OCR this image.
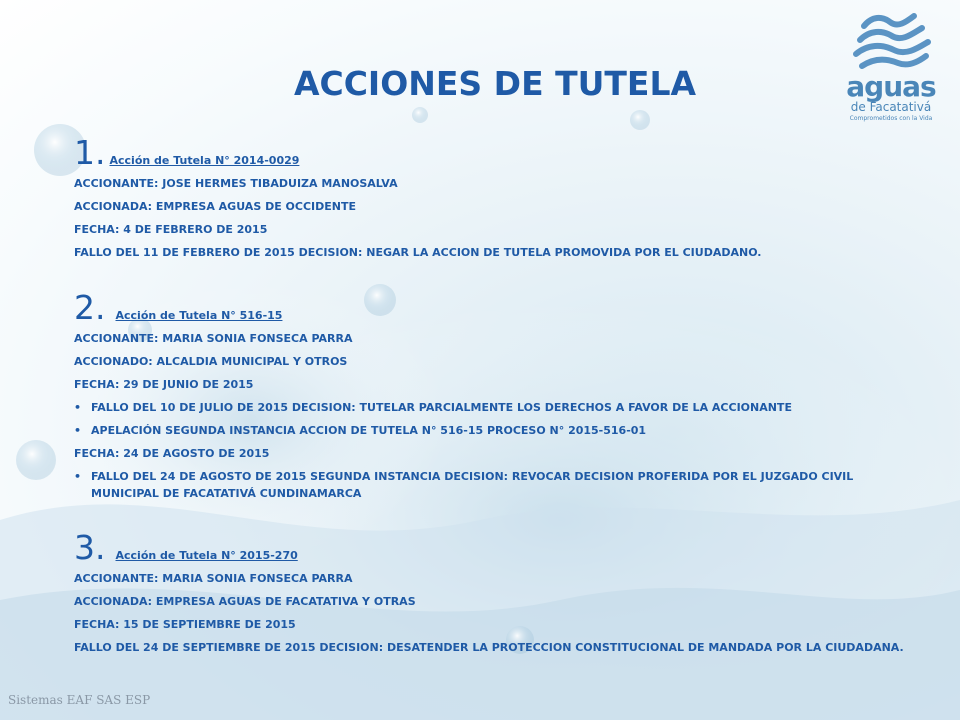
aguas
de Facatativá
Comprometidos con la Vida
ACCIONES DE TUTELA
1. Acción de Tutela N° 2014-0029
ACCIONANTE: JOSE HERMES TIBADUIZA MANOSALVA
ACCIONADA: EMPRESA AGUAS DE OCCIDENTE
FECHA: 4 DE FEBRERO DE 2015
FALLO DEL 11 DE FEBRERO DE 2015 DECISION: NEGAR LA ACCION DE TUTELA PROMOVIDA POR EL CIUDADANO.
2. Acción de Tutela N° 516-15
ACCIONANTE: MARIA SONIA FONSECA PARRA
ACCIONADO: ALCALDIA MUNICIPAL Y OTROS
FECHA: 29 DE JUNIO DE 2015
• FALLO DEL 10 DE JULIO DE 2015 DECISION: TUTELAR PARCIALMENTE LOS DERECHOS A FAVOR DE LA ACCIONANTE
• APELACIÓN SEGUNDA INSTANCIA ACCION DE TUTELA N° 516-15 PROCESO N° 2015-516-01
FECHA: 24 DE AGOSTO DE 2015
• FALLO DEL 24 DE AGOSTO DE 2015 SEGUNDA INSTANCIA DECISION: REVOCAR DECISION PROFERIDA POR EL JUZGADO CIVIL MUNICIPAL DE FACATATIVÁ CUNDINAMARCA
3. Acción de Tutela N° 2015-270
ACCIONANTE: MARIA SONIA FONSECA PARRA
ACCIONADA: EMPRESA AGUAS DE FACATATIVA Y OTRAS
FECHA: 15 DE SEPTIEMBRE DE 2015
FALLO DEL 24 DE SEPTIEMBRE DE 2015 DECISION: DESATENDER LA PROTECCION CONSTITUCIONAL DE MANDADA POR LA CIUDADANA.
Sistemas EAF SAS ESP
